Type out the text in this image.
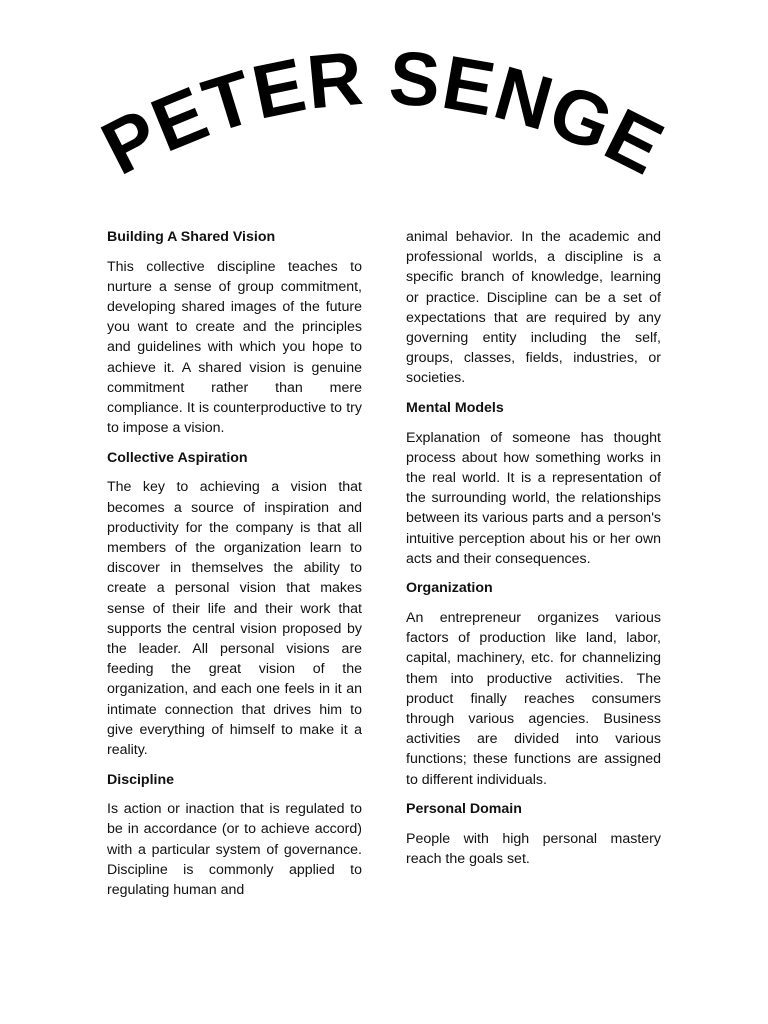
PETER SENGE
Building A Shared Vision

This collective discipline teaches to nurture a sense of group commitment, developing shared images of the future you want to create and the principles and guidelines with which you hope to achieve it. A shared vision is genuine commitment rather than mere compliance. It is counterproductive to try to impose a vision.

Collective Aspiration

The key to achieving a vision that becomes a source of inspiration and productivity for the company is that all members of the organization learn to discover in themselves the ability to create a personal vision that makes sense of their life and their work that supports the central vision proposed by the leader. All personal visions are feeding the great vision of the organization, and each one feels in it an intimate connection that drives him to give everything of himself to make it a reality.

Discipline

Is action or inaction that is regulated to be in accordance (or to achieve accord) with a particular system of governance. Discipline is commonly applied to regulating human and

animal behavior. In the academic and professional worlds, a discipline is a specific branch of knowledge, learning or practice. Discipline can be a set of expectations that are required by any governing entity including the self, groups, classes, fields, industries, or societies.

Mental Models

Explanation of someone has thought process about how something works in the real world. It is a representation of the surrounding world, the relationships between its various parts and a person's intuitive perception about his or her own acts and their consequences.

Organization

An entrepreneur organizes various factors of production like land, labor, capital, machinery, etc. for channelizing them into productive activities. The product finally reaches consumers through various agencies. Business activities are divided into various functions; these functions are assigned to different individuals.

Personal Domain

People with high personal mastery reach the goals set.
